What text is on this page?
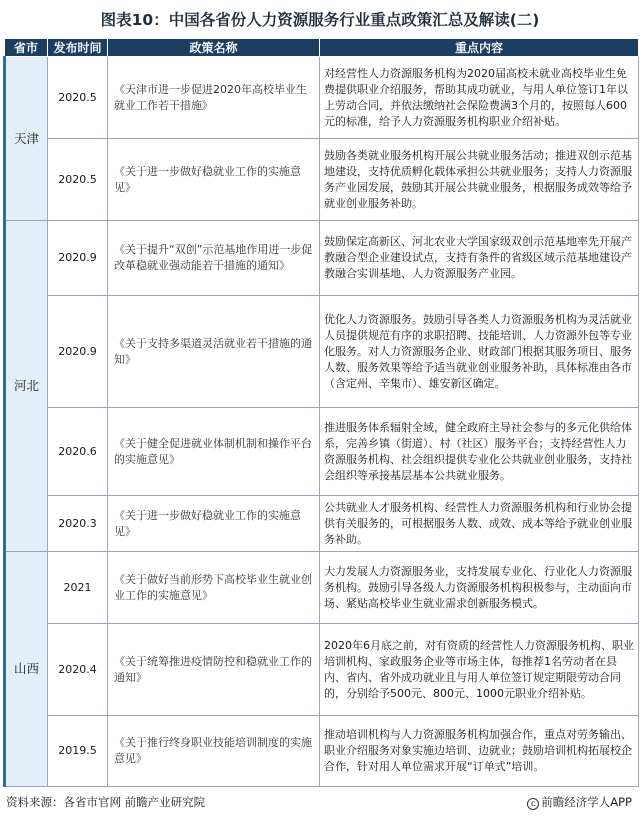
图表10：中国各省份人力资源服务行业重点政策汇总及解读(二)
省市	发布时间	政策名称	重点内容
天津	2020.5	《天津市进一步促进2020年高校毕业生就业工作若干措施》	对经营性人力资源服务机构为2020届高校未就业高校毕业生免费提供职业介绍服务，帮助其成功就业，与用人单位签订1年以上劳动合同，并依法缴纳社会保险费满3个月的，按照每人600元的标准，给予人力资源服务机构职业介绍补贴。
	2020.5	《关于进一步做好稳就业工作的实施意见》	鼓励各类就业服务机构开展公共就业服务活动；推进双创示范基地建设，支持优质孵化载体承担公共就业服务；支持人力资源服务产业园发展，鼓励其开展公共就业服务，根据服务成效等给予就业创业服务补助。
河北	2020.9	《关于提升“双创”示范基地作用进一步促改革稳就业强动能若干措施的通知》	鼓励保定高新区、河北农业大学国家级双创示范基地率先开展产教融合型企业建设试点，支持有条件的省级区域示范基地建设产教融合实训基地、人力资源服务产业园。
	2020.9	《关于支持多渠道灵活就业若干措施的通知》	优化人力资源服务。鼓励引导各类人力资源服务机构为灵活就业人员提供规范有序的求职招聘、技能培训、人力资源外包等专业化服务。对人力资源服务企业、财政部门根据其服务项目、服务人数、服务效果等给予适当就业创业服务补助，具体标准由各市（含定州、辛集市）、雄安新区确定。
	2020.6	《关于健全促进就业体制机制和操作平台的实施意见》	推进服务体系辐射全域，健全政府主导社会参与的多元化供给体系，完善乡镇（街道）、村（社区）服务平台；支持经营性人力资源服务机构、社会组织提供专业化公共就业创业服务，支持社会组织等承接基层基本公共就业服务。
	2020.3	《关于进一步做好稳就业工作的实施意见》	公共就业人才服务机构、经营性人力资源服务机构和行业协会提供有关服务的，可根据服务人数、成效、成本等给予就业创业服务补助。
山西	2021	《关于做好当前形势下高校毕业生就业创业工作的实施意见》	大力发展人力资源服务业，支持发展专业化、行业化人力资源服务机构。鼓励引导各级人力资源服务机构积极参与，主动面向市场、紧贴高校毕业生就业需求创新服务模式。
	2020.4	《关于统筹推进疫情防控和稳就业工作的通知》	2020年6月底之前，对有资质的经营性人力资源服务机构、职业培训机构、家政服务企业等市场主体，每推荐1名劳动者在县内、省内、省外成功就业且与用人单位签订规定期限劳动合同的，分别给予500元、800元、1000元职业介绍补贴。
	2019.5	《关于推行终身职业技能培训制度的实施意见》	推动培训机构与人力资源服务机构加强合作，重点对劳务输出、职业介绍服务对象实施边培训、边就业；鼓励培训机构拓展校企合作，针对用人单位需求开展“订单式”培训。
资料来源：各省市官网 前瞻产业研究院	c 前瞻经济学人APP
